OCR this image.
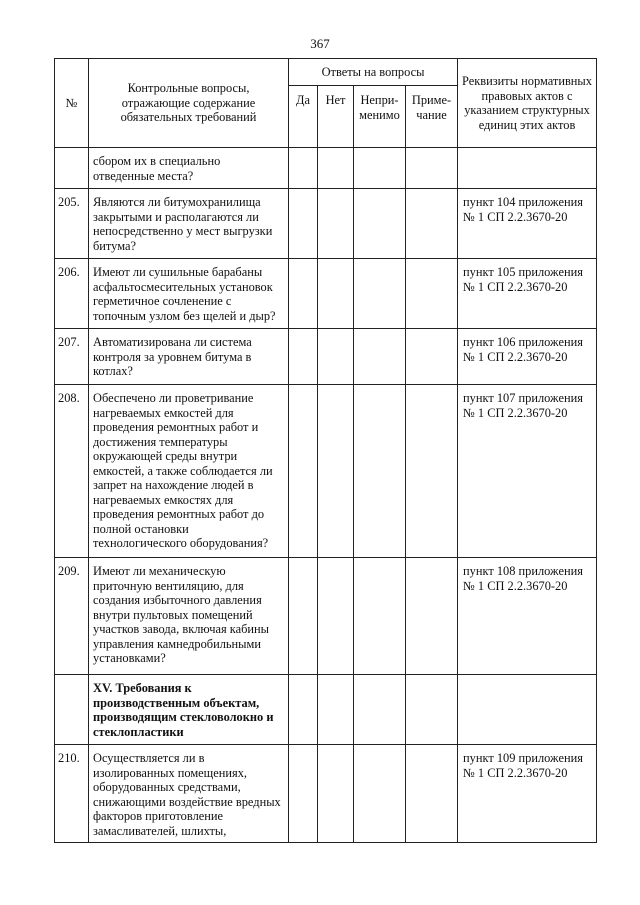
367
№	Контрольные вопросы, отражающие содержание обязательных требований	Ответы на вопросы				Реквизиты нормативных правовых актов с указанием структурных единиц этих актов
		Да	Нет	Непри-менимо	Приме-чание	
	сбором их в специально отведенные места?					
205.	Являются ли битумохранилища закрытыми и располагаются ли непосредственно у мест выгрузки битума?					пункт 104 приложения № 1 СП 2.2.3670-20
206.	Имеют ли сушильные барабаны асфальтосмесительных установок герметичное сочленение с топочным узлом без щелей и дыр?					пункт 105 приложения № 1 СП 2.2.3670-20
207.	Автоматизирована ли система контроля за уровнем битума в котлах?					пункт 106 приложения № 1 СП 2.2.3670-20
208.	Обеспечено ли проветривание нагреваемых емкостей для проведения ремонтных работ и достижения температуры окружающей среды внутри емкостей, а также соблюдается ли запрет на нахождение людей в нагреваемых емкостях для проведения ремонтных работ до полной остановки технологического оборудования?					пункт 107 приложения № 1 СП 2.2.3670-20
209.	Имеют ли механическую приточную вентиляцию, для создания избыточного давления внутри пультовых помещений участков завода, включая кабины управления камнедробильными установками?					пункт 108 приложения № 1 СП 2.2.3670-20
	XV. Требования к производственным объектам, производящим стекловолокно и стеклопластики					
210.	Осуществляется ли в изолированных помещениях, оборудованных средствами, снижающими воздействие вредных факторов приготовление замасливателей, шлихты,					пункт 109 приложения № 1 СП 2.2.3670-20
